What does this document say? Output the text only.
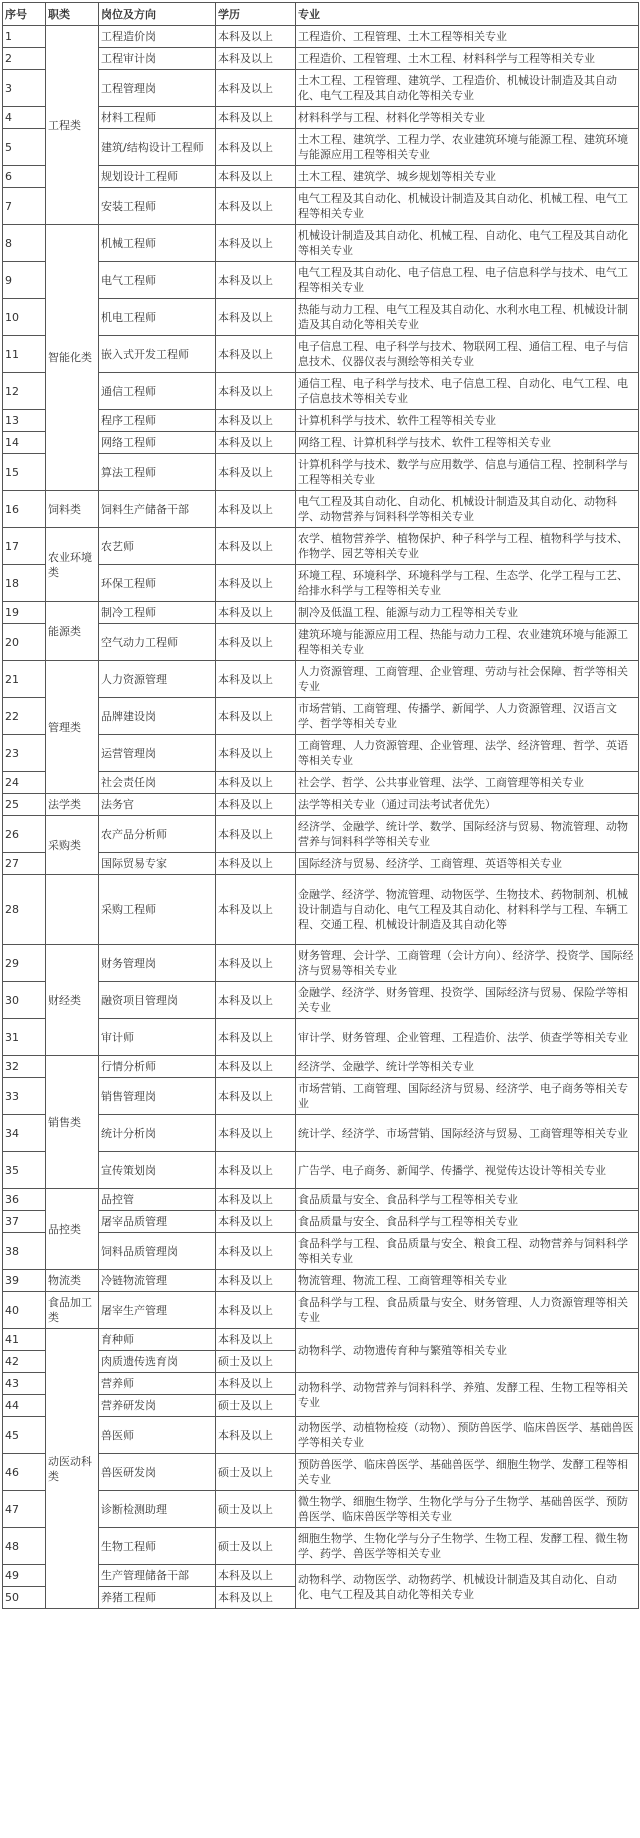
序号	职类	岗位及方向	学历	专业
1	工程类	工程造价岗	本科及以上	工程造价、工程管理、土木工程等相关专业
2		工程审计岗	本科及以上	工程造价、工程管理、土木工程、材料科学与工程等相关专业
3		工程管理岗	本科及以上	土木工程、工程管理、建筑学、工程造价、机械设计制造及其自动化、电气工程及其自动化等相关专业
4		材料工程师	本科及以上	材料科学与工程、材料化学等相关专业
5		建筑/结构设计工程师	本科及以上	土木工程、建筑学、工程力学、农业建筑环境与能源工程、建筑环境与能源应用工程等相关专业
6		规划设计工程师	本科及以上	土木工程、建筑学、城乡规划等相关专业
7		安装工程师	本科及以上	电气工程及其自动化、机械设计制造及其自动化、机械工程、电气工程等相关专业
8	智能化类	机械工程师	本科及以上	机械设计制造及其自动化、机械工程、自动化、电气工程及其自动化等相关专业
9		电气工程师	本科及以上	电气工程及其自动化、电子信息工程、电子信息科学与技术、电气工程等相关专业
10		机电工程师	本科及以上	热能与动力工程、电气工程及其自动化、水利水电工程、机械设计制造及其自动化等相关专业
11		嵌入式开发工程师	本科及以上	电子信息工程、电子科学与技术、物联网工程、通信工程、电子与信息技术、仪器仪表与测绘等相关专业
12		通信工程师	本科及以上	通信工程、电子科学与技术、电子信息工程、自动化、电气工程、电子信息技术等相关专业
13		程序工程师	本科及以上	计算机科学与技术、软件工程等相关专业
14		网络工程师	本科及以上	网络工程、计算机科学与技术、软件工程等相关专业
15		算法工程师	本科及以上	计算机科学与技术、数学与应用数学、信息与通信工程、控制科学与工程等相关专业
16	饲料类	饲料生产储备干部	本科及以上	电气工程及其自动化、自动化、机械设计制造及其自动化、动物科学、动物营养与饲料科学等相关专业
17	农业环境类	农艺师	本科及以上	农学、植物营养学、植物保护、种子科学与工程、植物科学与技术、作物学、园艺等相关专业
18		环保工程师	本科及以上	环境工程、环境科学、环境科学与工程、生态学、化学工程与工艺、给排水科学与工程等相关专业
19	能源类	制冷工程师	本科及以上	制冷及低温工程、能源与动力工程等相关专业
20		空气动力工程师	本科及以上	建筑环境与能源应用工程、热能与动力工程、农业建筑环境与能源工程等相关专业
21	管理类	人力资源管理	本科及以上	人力资源管理、工商管理、企业管理、劳动与社会保障、哲学等相关专业
22		品牌建设岗	本科及以上	市场营销、工商管理、传播学、新闻学、人力资源管理、汉语言文学、哲学等相关专业
23		运营管理岗	本科及以上	工商管理、人力资源管理、企业管理、法学、经济管理、哲学、英语等相关专业
24		社会责任岗	本科及以上	社会学、哲学、公共事业管理、法学、工商管理等相关专业
25	法学类	法务官	本科及以上	法学等相关专业（通过司法考试者优先）
26	采购类	农产品分析师	本科及以上	经济学、金融学、统计学、数学、国际经济与贸易、物流管理、动物营养与饲料科学等相关专业
27		国际贸易专家	本科及以上	国际经济与贸易、经济学、工商管理、英语等相关专业
28		采购工程师	本科及以上	金融学、经济学、物流管理、动物医学、生物技术、药物制剂、机械设计制造与自动化、电气工程及其自动化、材料科学与工程、车辆工程、交通工程、机械设计制造及其自动化等
29	财经类	财务管理岗	本科及以上	财务管理、会计学、工商管理（会计方向）、经济学、投资学、国际经济与贸易等相关专业
30		融资项目管理岗	本科及以上	金融学、经济学、财务管理、投资学、国际经济与贸易、保险学等相关专业
31		审计师	本科及以上	审计学、财务管理、企业管理、工程造价、法学、侦查学等相关专业
32	销售类	行情分析师	本科及以上	经济学、金融学、统计学等相关专业
33		销售管理岗	本科及以上	市场营销、工商管理、国际经济与贸易、经济学、电子商务等相关专业
34		统计分析岗	本科及以上	统计学、经济学、市场营销、国际经济与贸易、工商管理等相关专业
35		宣传策划岗	本科及以上	广告学、电子商务、新闻学、传播学、视觉传达设计等相关专业
36	品控类	品控管	本科及以上	食品质量与安全、食品科学与工程等相关专业
37		屠宰品质管理	本科及以上	食品质量与安全、食品科学与工程等相关专业
38		饲料品质管理岗	本科及以上	食品科学与工程、食品质量与安全、粮食工程、动物营养与饲料科学等相关专业
39	物流类	冷链物流管理	本科及以上	物流管理、物流工程、工商管理等相关专业
40	食品加工类	屠宰生产管理	本科及以上	食品科学与工程、食品质量与安全、财务管理、人力资源管理等相关专业
41	动医动科类	育种师	本科及以上	动物科学、动物遗传育种与繁殖等相关专业
42		肉质遗传选育岗	硕士及以上	
43		营养师	本科及以上	动物科学、动物营养与饲料科学、养殖、发酵工程、生物工程等相关专业
44		营养研发岗	硕士及以上	
45		兽医师	本科及以上	动物医学、动植物检疫（动物）、预防兽医学、临床兽医学、基础兽医学等相关专业
46		兽医研发岗	硕士及以上	预防兽医学、临床兽医学、基础兽医学、细胞生物学、发酵工程等相关专业
47		诊断检测助理	硕士及以上	微生物学、细胞生物学、生物化学与分子生物学、基础兽医学、预防兽医学、临床兽医学等相关专业
48		生物工程师	硕士及以上	细胞生物学、生物化学与分子生物学、生物工程、发酵工程、微生物学、药学、兽医学等相关专业
49		生产管理储备干部	本科及以上	动物科学、动物医学、动物药学、机械设计制造及其自动化、自动化、电气工程及其自动化等相关专业
50		养猪工程师	本科及以上	
